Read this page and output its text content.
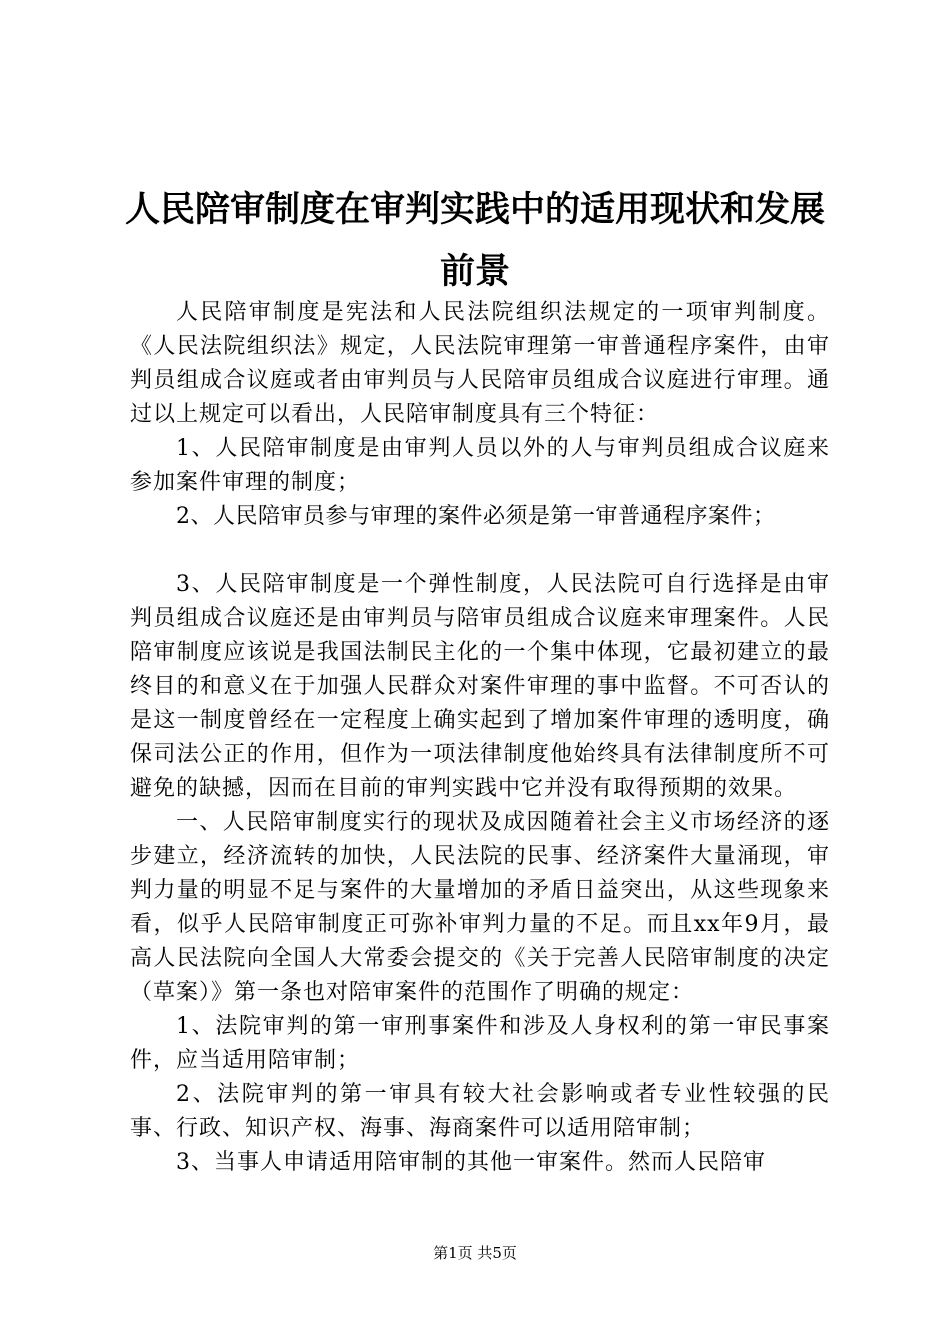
人民陪审制度在审判实践中的适用现状和发展
前景

人民陪审制度是宪法和人民法院组织法规定的一项审判制度。《人民法院组织法》规定，人民法院审理第一审普通程序案件，由审判员组成合议庭或者由审判员与人民陪审员组成合议庭进行审理。通过以上规定可以看出，人民陪审制度具有三个特征：

1、人民陪审制度是由审判人员以外的人与审判员组成合议庭来参加案件审理的制度；

2、人民陪审员参与审理的案件必须是第一审普通程序案件；

3、人民陪审制度是一个弹性制度，人民法院可自行选择是由审判员组成合议庭还是由审判员与陪审员组成合议庭来审理案件。人民陪审制度应该说是我国法制民主化的一个集中体现，它最初建立的最终目的和意义在于加强人民群众对案件审理的事中监督。不可否认的是这一制度曾经在一定程度上确实起到了增加案件审理的透明度，确保司法公正的作用，但作为一项法律制度他始终具有法律制度所不可避免的缺撼，因而在目前的审判实践中它并没有取得预期的效果。

一、人民陪审制度实行的现状及成因随着社会主义市场经济的逐步建立，经济流转的加快，人民法院的民事、经济案件大量涌现，审判力量的明显不足与案件的大量增加的矛盾日益突出，从这些现象来看，似乎人民陪审制度正可弥补审判力量的不足。而且xx年9月，最高人民法院向全国人大常委会提交的《关于完善人民陪审制度的决定（草案）》第一条也对陪审案件的范围作了明确的规定：

1、法院审判的第一审刑事案件和涉及人身权利的第一审民事案件，应当适用陪审制；

2、法院审判的第一审具有较大社会影响或者专业性较强的民事、行政、知识产权、海事、海商案件可以适用陪审制；

3、当事人申请适用陪审制的其他一审案件。然而人民陪审

第1页 共5页
